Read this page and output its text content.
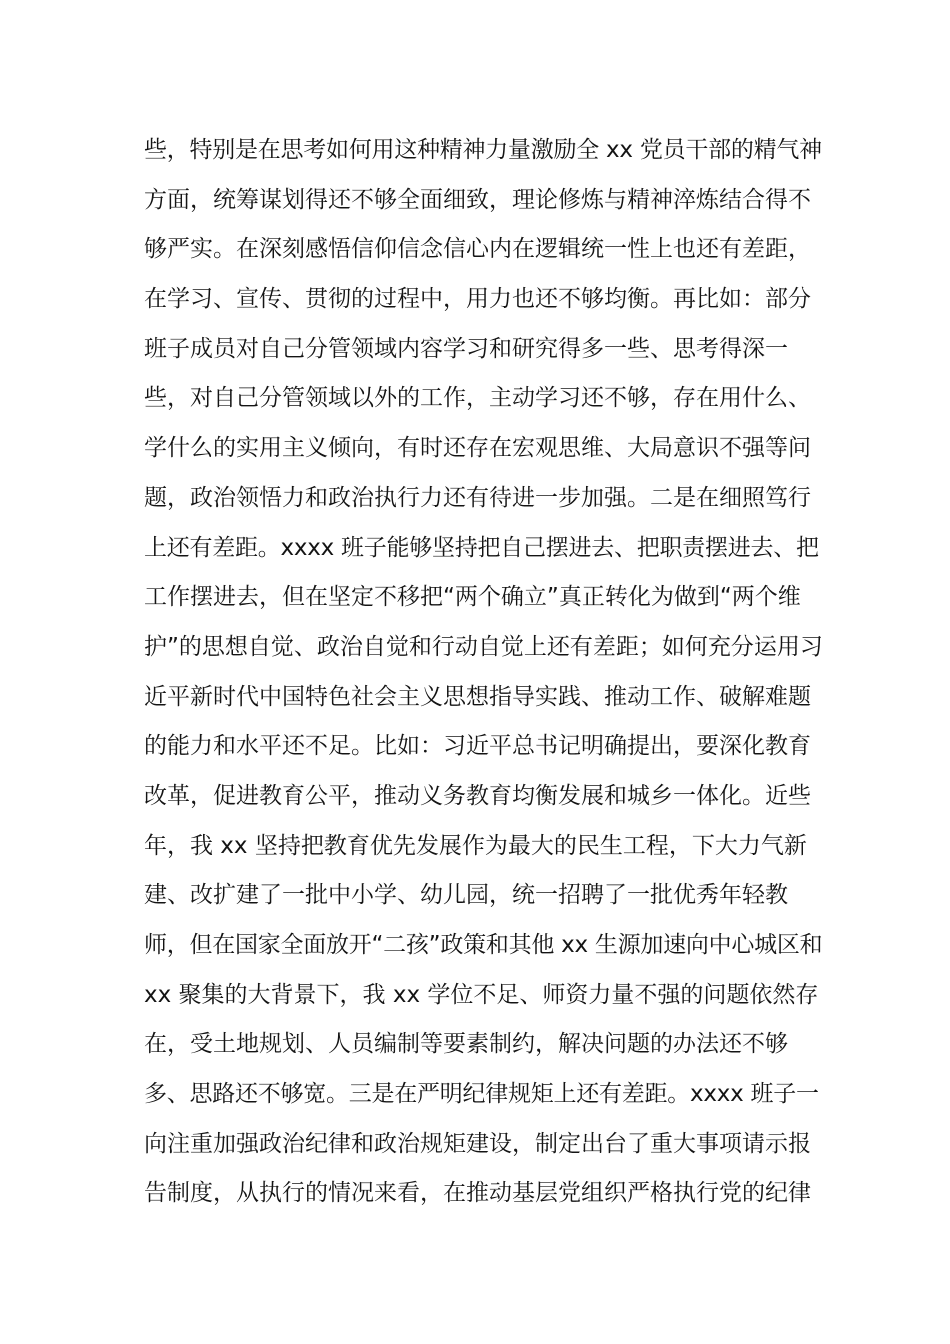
些，特别是在思考如何用这种精神力量激励全 xx 党员干部的精气神
方面，统筹谋划得还不够全面细致，理论修炼与精神淬炼结合得不
够严实。在深刻感悟信仰信念信心内在逻辑统一性上也还有差距，
在学习、宣传、贯彻的过程中，用力也还不够均衡。再比如：部分
班子成员对自己分管领域内容学习和研究得多一些、思考得深一
些，对自己分管领域以外的工作，主动学习还不够，存在用什么、
学什么的实用主义倾向，有时还存在宏观思维、大局意识不强等问
题，政治领悟力和政治执行力还有待进一步加强。二是在细照笃行
上还有差距。xxxx 班子能够坚持把自己摆进去、把职责摆进去、把
工作摆进去，但在坚定不移把“两个确立”真正转化为做到“两个维
护”的思想自觉、政治自觉和行动自觉上还有差距；如何充分运用习
近平新时代中国特色社会主义思想指导实践、推动工作、破解难题
的能力和水平还不足。比如：习近平总书记明确提出，要深化教育
改革，促进教育公平，推动义务教育均衡发展和城乡一体化。近些
年，我 xx 坚持把教育优先发展作为最大的民生工程，下大力气新
建、改扩建了一批中小学、幼儿园，统一招聘了一批优秀年轻教
师，但在国家全面放开“二孩”政策和其他 xx 生源加速向中心城区和
xx 聚集的大背景下，我 xx 学位不足、师资力量不强的问题依然存
在，受土地规划、人员编制等要素制约，解决问题的办法还不够
多、思路还不够宽。三是在严明纪律规矩上还有差距。xxxx 班子一
向注重加强政治纪律和政治规矩建设，制定出台了重大事项请示报
告制度，从执行的情况来看，在推动基层党组织严格执行党的纪律
